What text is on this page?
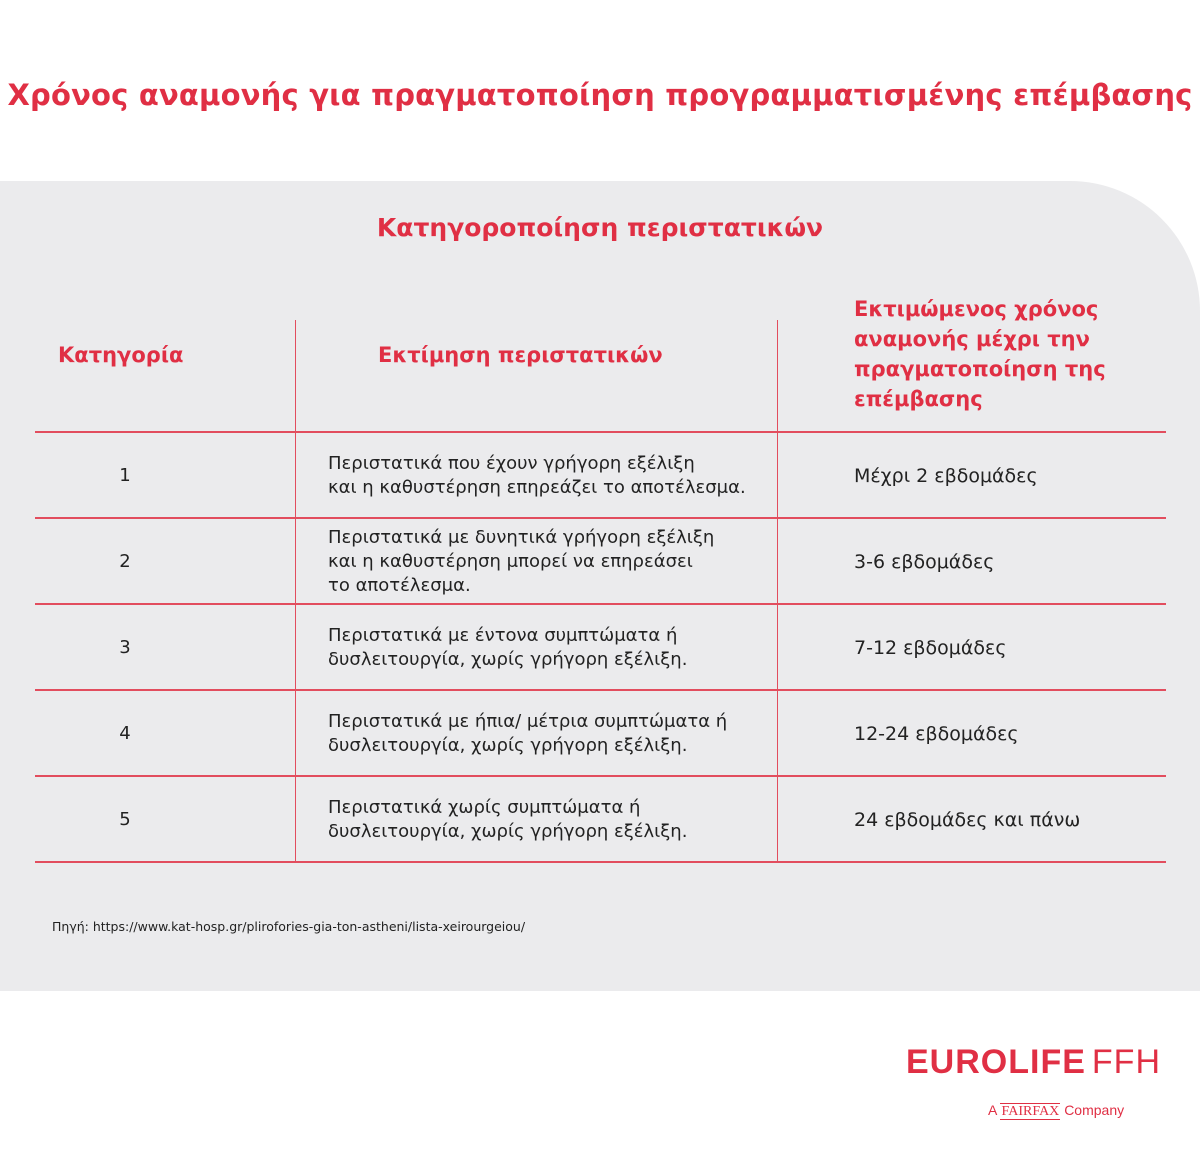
Χρόνος αναμονής για πραγματοποίηση προγραμματισμένης επέμβασης
Κατηγοροποίηση περιστατικών
Κατηγορία	Εκτίμηση περιστατικών
Εκτιμώμενος χρόνος
αναμονής μέχρι την
πραγματοποίηση της
επέμβασης
1
Περιστατικά που έχουν γρήγορη εξέλιξη
και η καθυστέρηση επηρεάζει το αποτέλεσμα.
Μέχρι 2 εβδομάδες
2
Περιστατικά με δυνητικά γρήγορη εξέλιξη
και η καθυστέρηση μπορεί να επηρεάσει
το αποτέλεσμα.
3-6 εβδομάδες
3
Περιστατικά με έντονα συμπτώματα ή
δυσλειτουργία, χωρίς γρήγορη εξέλιξη.
7-12 εβδομάδες
4
Περιστατικά με ήπια/ μέτρια συμπτώματα ή
δυσλειτουργία, χωρίς γρήγορη εξέλιξη.
12-24 εβδομάδες
5
Περιστατικά χωρίς συμπτώματα ή
δυσλειτουργία, χωρίς γρήγορη εξέλιξη.
24 εβδομάδες και πάνω
Πηγή: https://www.kat-hosp.gr/plirofories-gia-ton-astheni/lista-xeirourgeiou/
EUROLIFE FFH
A FAIRFAX Company
